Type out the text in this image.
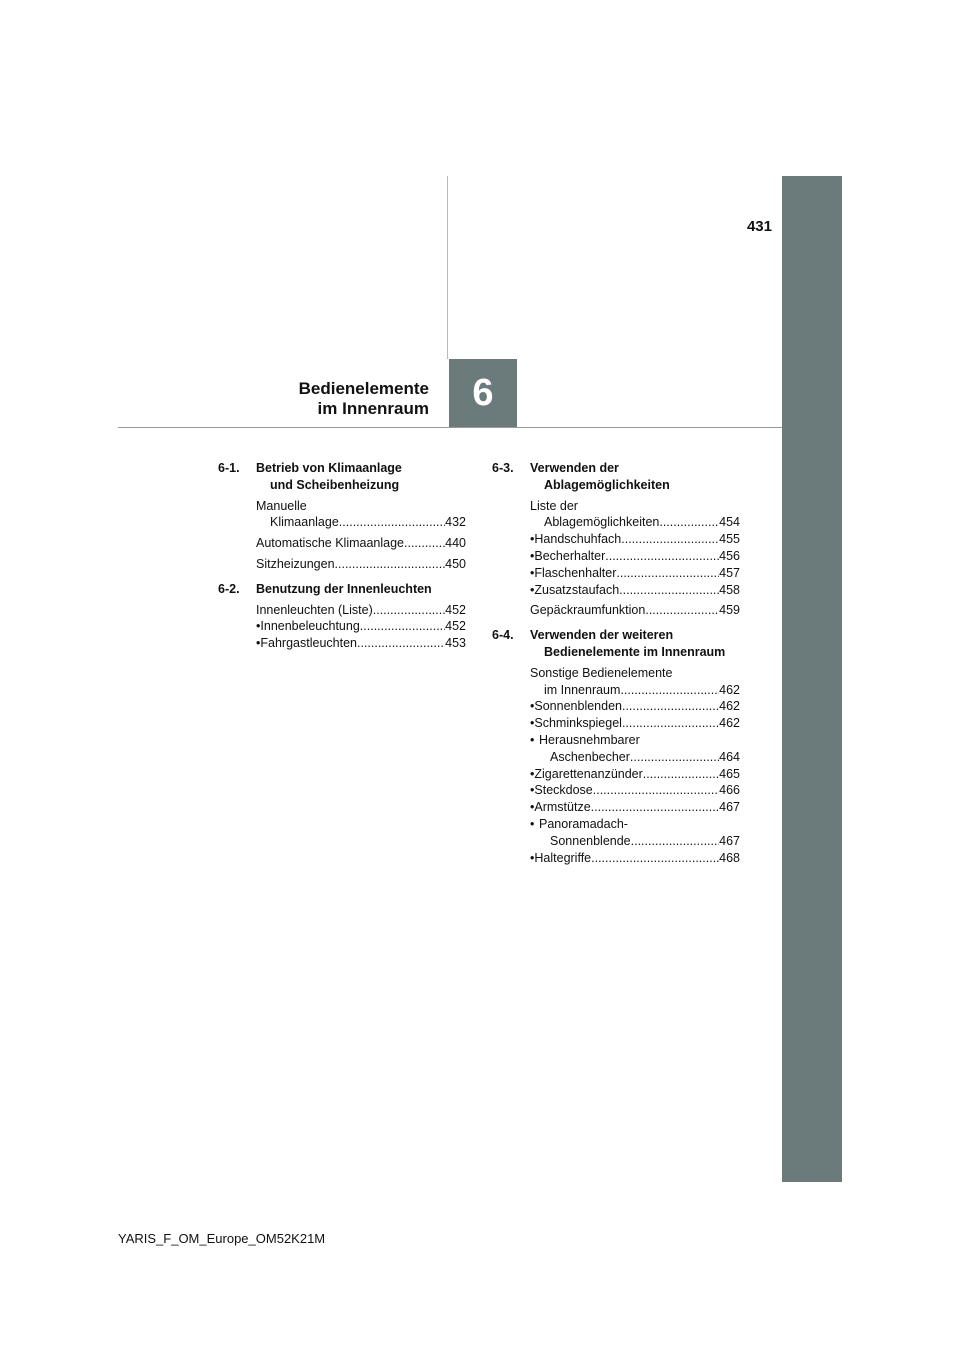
431
6
Bedienelemente
im Innenraum
6-1.	Betrieb von Klimaanlage
und Scheibenheizung
Manuelle
Klimaanlage .....	432
Automatische Klimaanlage .....	440
Sitzheizungen .....	450
6-2.	Benutzung der Innenleuchten
Innenleuchten (Liste) .....	452
• Innenbeleuchtung .....	452
• Fahrgastleuchten .....	453
6-3.	Verwenden der
Ablagemöglichkeiten
Liste der
Ablagemöglichkeiten .....	454
• Handschuhfach .....	455
• Becherhalter .....	456
• Flaschenhalter .....	457
• Zusatzstaufach .....	458
Gepäckraumfunktion .....	459
6-4.	Verwenden der weiteren
Bedienelemente im Innenraum
Sonstige Bedienelemente
im Innenraum .....	462
• Sonnenblenden .....	462
• Schminkspiegel .....	462
• Herausnehmbarer
Aschenbecher .....	464
• Zigarettenanzünder .....	465
• Steckdose .....	466
• Armstütze .....	467
• Panoramadach-
Sonnenblende .....	467
• Haltegriffe .....	468
YARIS_F_OM_Europe_OM52K21M
